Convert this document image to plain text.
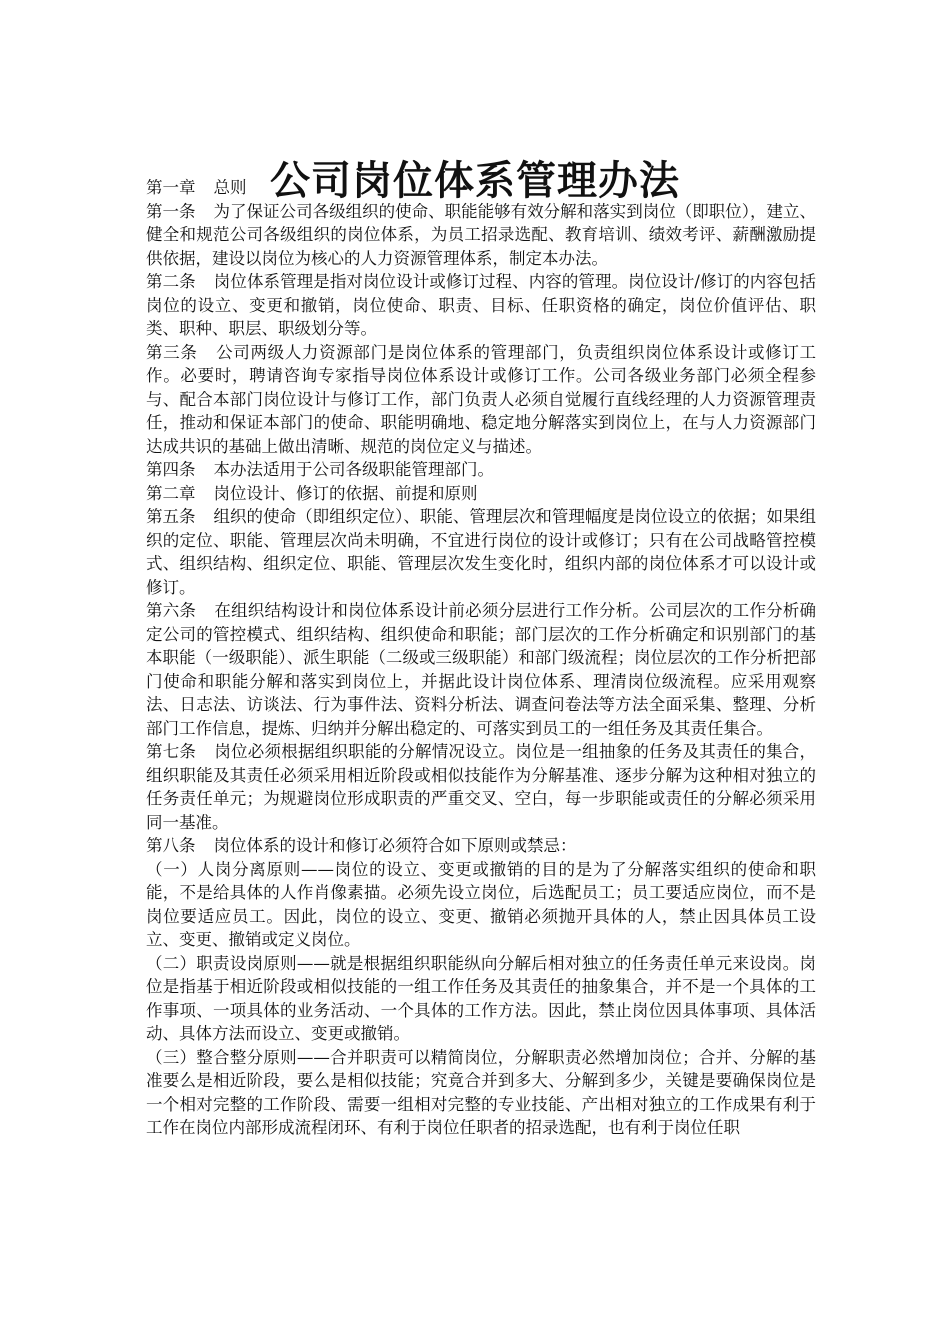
公司岗位体系管理办法

第一章 总则

第一条 为了保证公司各级组织的使命、职能能够有效分解和落实到岗位（即职位），建立、健全和规范公司各级组织的岗位体系，为员工招录选配、教育培训、绩效考评、薪酬激励提供依据，建设以岗位为核心的人力资源管理体系，制定本办法。

第二条 岗位体系管理是指对岗位设计或修订过程、内容的管理。岗位设计/修订的内容包括岗位的设立、变更和撤销，岗位使命、职责、目标、任职资格的确定，岗位价值评估、职类、职种、职层、职级划分等。

第三条 公司两级人力资源部门是岗位体系的管理部门，负责组织岗位体系设计或修订工作。必要时，聘请咨询专家指导岗位体系设计或修订工作。公司各级业务部门必须全程参与、配合本部门岗位设计与修订工作，部门负责人必须自觉履行直线经理的人力资源管理责任，推动和保证本部门的使命、职能明确地、稳定地分解落实到岗位上，在与人力资源部门达成共识的基础上做出清晰、规范的岗位定义与描述。

第四条 本办法适用于公司各级职能管理部门。

第二章 岗位设计、修订的依据、前提和原则

第五条 组织的使命（即组织定位）、职能、管理层次和管理幅度是岗位设立的依据；如果组织的定位、职能、管理层次尚未明确，不宜进行岗位的设计或修订；只有在公司战略管控模式、组织结构、组织定位、职能、管理层次发生变化时，组织内部的岗位体系才可以设计或修订。

第六条 在组织结构设计和岗位体系设计前必须分层进行工作分析。公司层次的工作分析确定公司的管控模式、组织结构、组织使命和职能；部门层次的工作分析确定和识别部门的基本职能（一级职能）、派生职能（二级或三级职能）和部门级流程；岗位层次的工作分析把部门使命和职能分解和落实到岗位上，并据此设计岗位体系、理清岗位级流程。应采用观察法、日志法、访谈法、行为事件法、资料分析法、调查问卷法等方法全面采集、整理、分析部门工作信息，提炼、归纳并分解出稳定的、可落实到员工的一组任务及其责任集合。

第七条 岗位必须根据组织职能的分解情况设立。岗位是一组抽象的任务及其责任的集合，组织职能及其责任必须采用相近阶段或相似技能作为分解基准、逐步分解为这种相对独立的任务责任单元；为规避岗位形成职责的严重交叉、空白，每一步职能或责任的分解必须采用同一基准。

第八条 岗位体系的设计和修订必须符合如下原则或禁忌：

（一）人岗分离原则——岗位的设立、变更或撤销的目的是为了分解落实组织的使命和职能，不是给具体的人作肖像素描。必须先设立岗位，后选配员工；员工要适应岗位，而不是岗位要适应员工。因此，岗位的设立、变更、撤销必须抛开具体的人，禁止因具体员工设立、变更、撤销或定义岗位。

（二）职责设岗原则——就是根据组织职能纵向分解后相对独立的任务责任单元来设岗。岗位是指基于相近阶段或相似技能的一组工作任务及其责任的抽象集合，并不是一个具体的工作事项、一项具体的业务活动、一个具体的工作方法。因此，禁止岗位因具体事项、具体活动、具体方法而设立、变更或撤销。

（三）整合整分原则——合并职责可以精简岗位，分解职责必然增加岗位；合并、分解的基准要么是相近阶段，要么是相似技能；究竟合并到多大、分解到多少，关键是要确保岗位是一个相对完整的工作阶段、需要一组相对完整的专业技能、产出相对独立的工作成果有利于工作在岗位内部形成流程闭环、有利于岗位任职者的招录选配，也有利于岗位任职
